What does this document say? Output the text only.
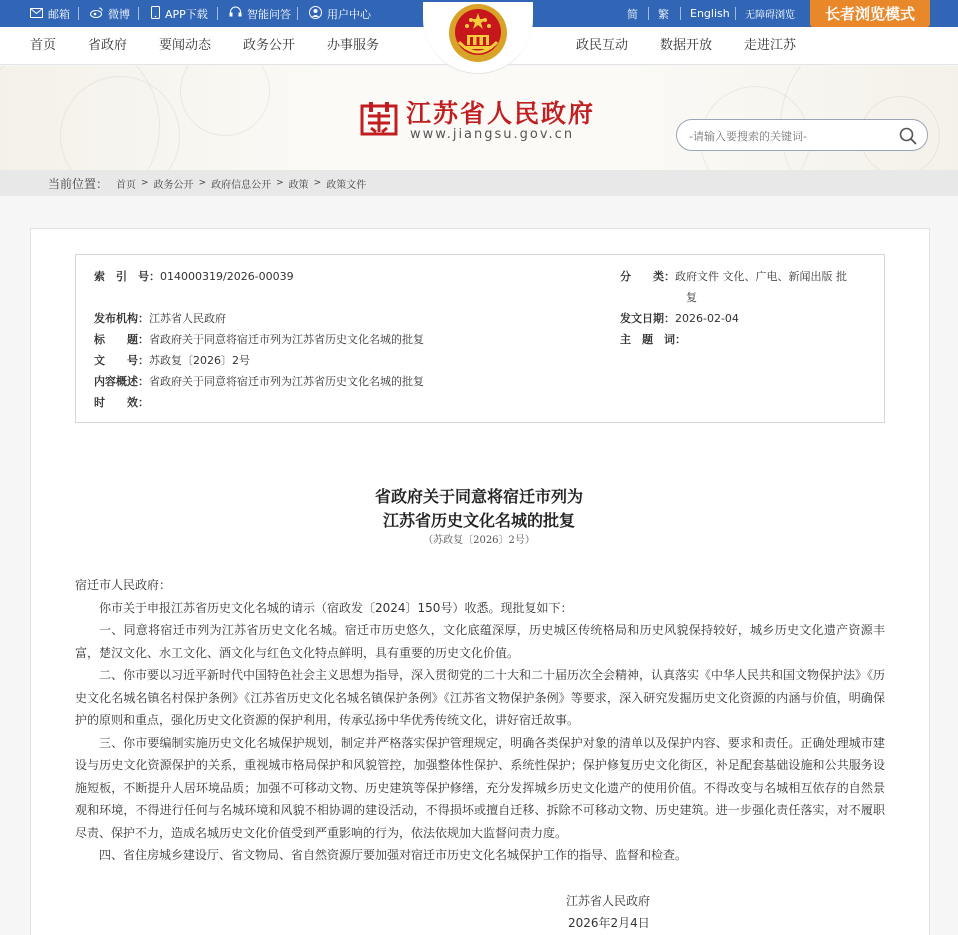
邮箱	微博	APP下载	智能问答	用户中心	简 繁 English 无障碍浏览	长者浏览模式
首页 省政府 要闻动态 政务公开 办事服务	政民互动 数据开放 走进江苏
江苏省人民政府
www.jiangsu.gov.cn
-请输入要搜索的关键词-
当前位置： 首页 > 政务公开 > 政府信息公开 > 政策 > 政策文件
索　引　号：014000319/2026-00039	分　　类：政府文件 文化、广电、新闻出版 批
复
发布机构：江苏省人民政府	发文日期：2026-02-04
标　　题：省政府关于同意将宿迁市列为江苏省历史文化名城的批复	主　题　词：
文　　号：苏政复〔2026〕2号
内容概述：省政府关于同意将宿迁市列为江苏省历史文化名城的批复
时　　效：
省政府关于同意将宿迁市列为
江苏省历史文化名城的批复
（苏政复〔2026〕2号）

宿迁市人民政府：

你市关于申报江苏省历史文化名城的请示（宿政发〔2024〕150号）收悉。现批复如下：

一、同意将宿迁市列为江苏省历史文化名城。宿迁市历史悠久，文化底蕴深厚，历史城区传统格局和历史风貌保持较好，城乡历史文化遗产资源丰富，楚汉文化、水工文化、酒文化与红色文化特点鲜明，具有重要的历史文化价值。

二、你市要以习近平新时代中国特色社会主义思想为指导，深入贯彻党的二十大和二十届历次全会精神，认真落实《中华人民共和国文物保护法》《历史文化名城名镇名村保护条例》《江苏省历史文化名城名镇保护条例》《江苏省文物保护条例》等要求，深入研究发掘历史文化资源的内涵与价值，明确保护的原则和重点，强化历史文化资源的保护利用，传承弘扬中华优秀传统文化，讲好宿迁故事。

三、你市要编制实施历史文化名城保护规划，制定并严格落实保护管理规定，明确各类保护对象的清单以及保护内容、要求和责任。正确处理城市建设与历史文化资源保护的关系，重视城市格局保护和风貌管控，加强整体性保护、系统性保护；保护修复历史文化街区，补足配套基础设施和公共服务设施短板，不断提升人居环境品质；加强不可移动文物、历史建筑等保护修缮，充分发挥城乡历史文化遗产的使用价值。不得改变与名城相互依存的自然景观和环境，不得进行任何与名城环境和风貌不相协调的建设活动，不得损坏或擅自迁移、拆除不可移动文物、历史建筑。进一步强化责任落实，对不履职尽责、保护不力，造成名城历史文化价值受到严重影响的行为，依法依规加大监督问责力度。

四、省住房城乡建设厅、省文物局、省自然资源厅要加强对宿迁市历史文化名城保护工作的指导、监督和检查。

江苏省人民政府
2026年2月4日
